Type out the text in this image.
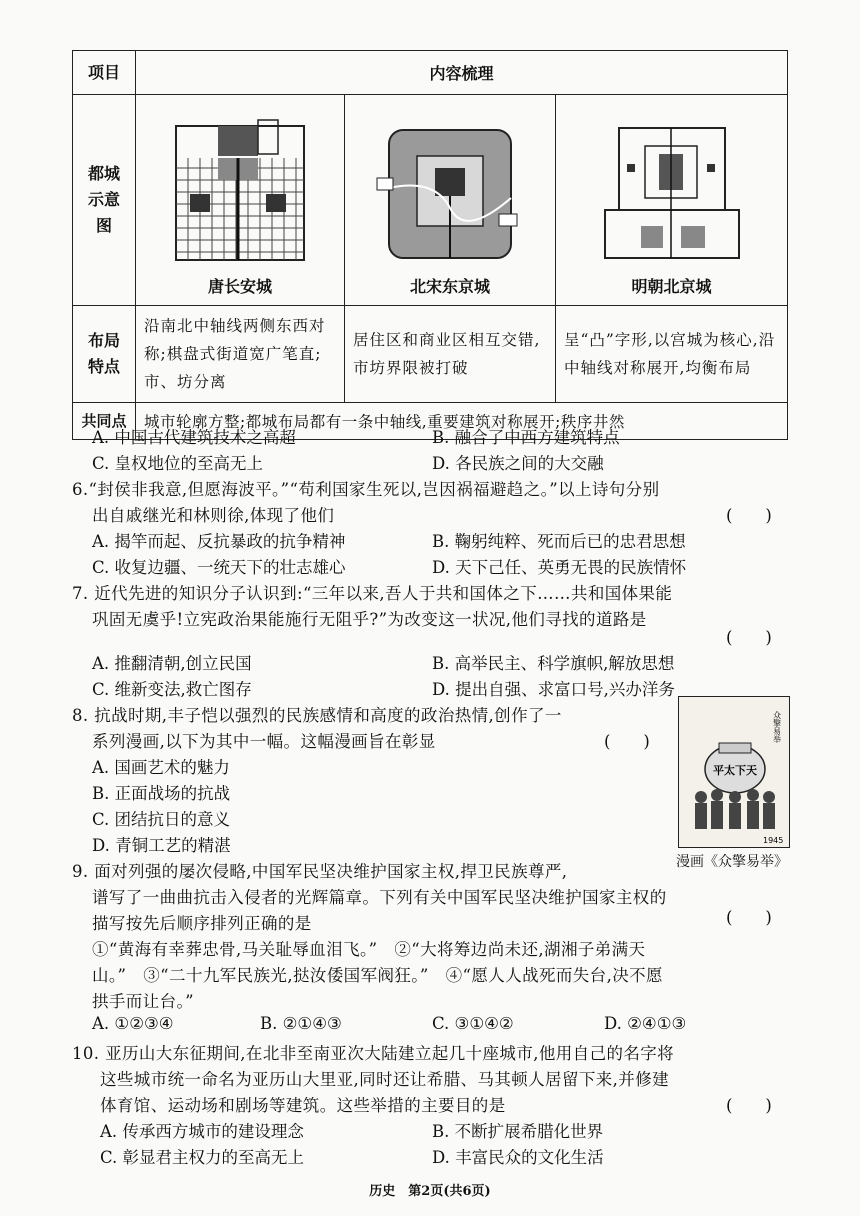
项目	内容梳理		
都城示意图	唐长安城	北宋东京城	明朝北京城

布局特点	沿南北中轴线两侧东西对称;棋盘式街道宽广笔直;市、坊分离	居住区和商业区相互交错,市坊界限被打破	呈“凸”字形,以宫城为核心,沿中轴线对称展开,均衡布局
共同点	城市轮廓方整;都城布局都有一条中轴线,重要建筑对称展开;秩序井然		
A. 中国古代建筑技术之高超	B. 融合了中西方建筑特点
C. 皇权地位的至高无上	D. 各民族之间的大交融
6.“封侯非我意,但愿海波平。”“苟利国家生死以,岂因祸福避趋之。”以上诗句分别
出自戚继光和林则徐,体现了他们	(　　)
A. 揭竿而起、反抗暴政的抗争精神	B. 鞠躬纯粹、死而后已的忠君思想
C. 收复边疆、一统天下的壮志雄心	D. 天下己任、英勇无畏的民族情怀
7. 近代先进的知识分子认识到:“三年以来,吾人于共和国体之下……共和国体果能
巩固无虞乎!立宪政治果能施行无阻乎?”为改变这一状况,他们寻找的道路是
(　　)
A. 推翻清朝,创立民国	B. 高举民主、科学旗帜,解放思想
C. 维新变法,救亡图存	D. 提出自强、求富口号,兴办洋务
8. 抗战时期,丰子恺以强烈的民族感情和高度的政治热情,创作了一
系列漫画,以下为其中一幅。这幅漫画旨在彰显	(　　)
A. 国画艺术的魅力
B. 正面战场的抗战
C. 团结抗日的意义
D. 青铜工艺的精湛
平太下天
众擎易举
1945
漫画《众擎易举》
9. 面对列强的屡次侵略,中国军民坚决维护国家主权,捍卫民族尊严,
谱写了一曲曲抗击入侵者的光辉篇章。下列有关中国军民坚决维护国家主权的
描写按先后顺序排列正确的是	(　　)
①“黄海有幸葬忠骨,马关耻辱血泪飞。”　②“大将筹边尚未还,湖湘子弟满天
山。”　③“二十九军民族光,挞汝倭国军阀狂。”　④“愿人人战死而失台,决不愿
拱手而让台。”
A. ①②③④	B. ②①④③	C. ③①④②	D. ②④①③
10. 亚历山大东征期间,在北非至南亚次大陆建立起几十座城市,他用自己的名字将
这些城市统一命名为亚历山大里亚,同时还让希腊、马其顿人居留下来,并修建
体育馆、运动场和剧场等建筑。这些举措的主要目的是	(　　)
A. 传承西方城市的建设理念	B. 不断扩展希腊化世界
C. 彰显君主权力的至高无上	D. 丰富民众的文化生活
历史　第2页(共6页)
